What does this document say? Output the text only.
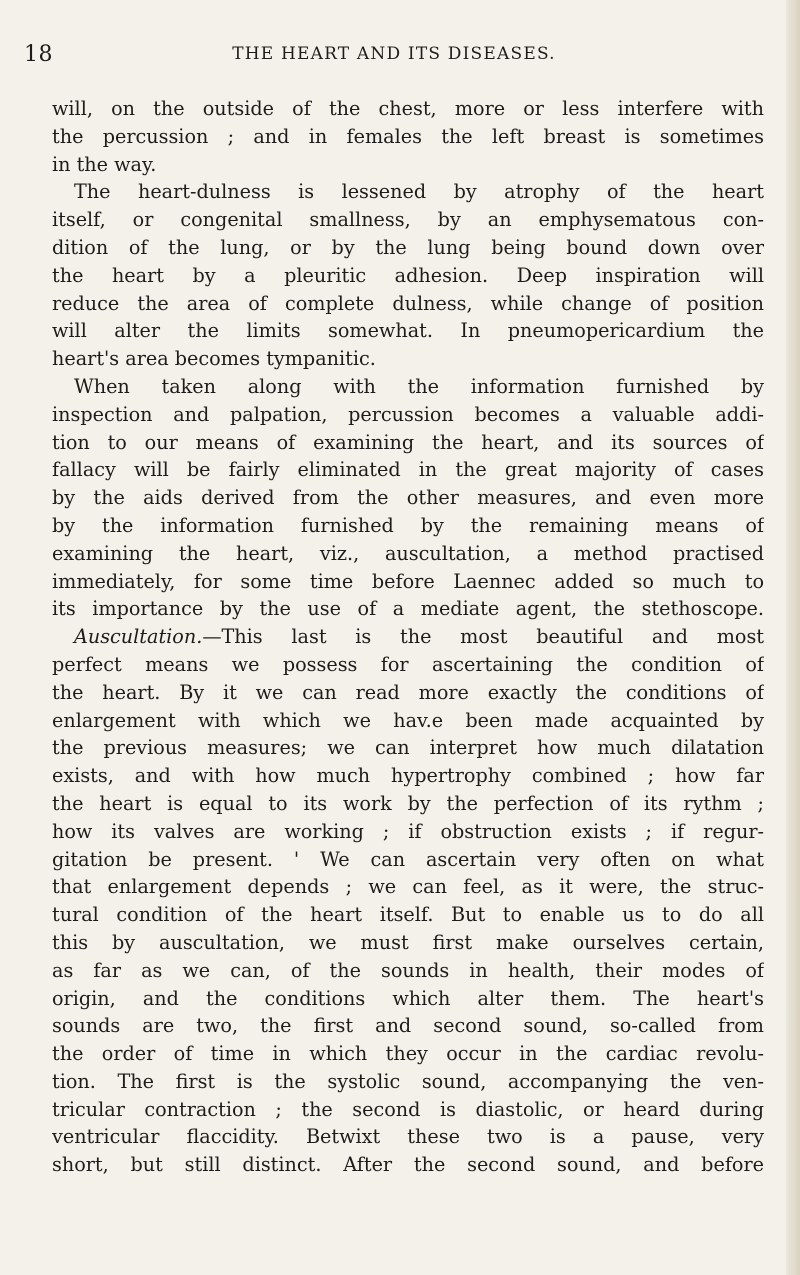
18	THE HEART AND ITS DISEASES.
will, on the outside of the chest, more or less interfere with
the percussion ; and in females the left breast is sometimes
in the way.
The heart-dulness is lessened by atrophy of the heart
itself, or congenital smallness, by an emphysematous con-
dition of the lung, or by the lung being bound down over
the heart by a pleuritic adhesion. Deep inspiration will
reduce the area of complete dulness, while change of position
will alter the limits somewhat. In pneumopericardium the
heart's area becomes tympanitic.
When taken along with the information furnished by
inspection and palpation, percussion becomes a valuable addi-
tion to our means of examining the heart, and its sources of
fallacy will be fairly eliminated in the great majority of cases
by the aids derived from the other measures, and even more
by the information furnished by the remaining means of
examining the heart, viz., auscultation, a method practised
immediately, for some time before Laennec added so much to
its importance by the use of a mediate agent, the stethoscope.
Auscultation.—This last is the most beautiful and most
perfect means we possess for ascertaining the condition of
the heart. By it we can read more exactly the conditions of
enlargement with which we hav.e been made acquainted by
the previous measures; we can interpret how much dilatation
exists, and with how much hypertrophy combined ; how far
the heart is equal to its work by the perfection of its rythm ;
how its valves are working ; if obstruction exists ; if regur-
gitation be present. ' We can ascertain very often on what
that enlargement depends ; we can feel, as it were, the struc-
tural condition of the heart itself. But to enable us to do all
this by auscultation, we must first make ourselves certain,
as far as we can, of the sounds in health, their modes of
origin, and the conditions which alter them. The heart's
sounds are two, the first and second sound, so-called from
the order of time in which they occur in the cardiac revolu-
tion. The first is the systolic sound, accompanying the ven-
tricular contraction ; the second is diastolic, or heard during
ventricular flaccidity. Betwixt these two is a pause, very
short, but still distinct. After the second sound, and before
